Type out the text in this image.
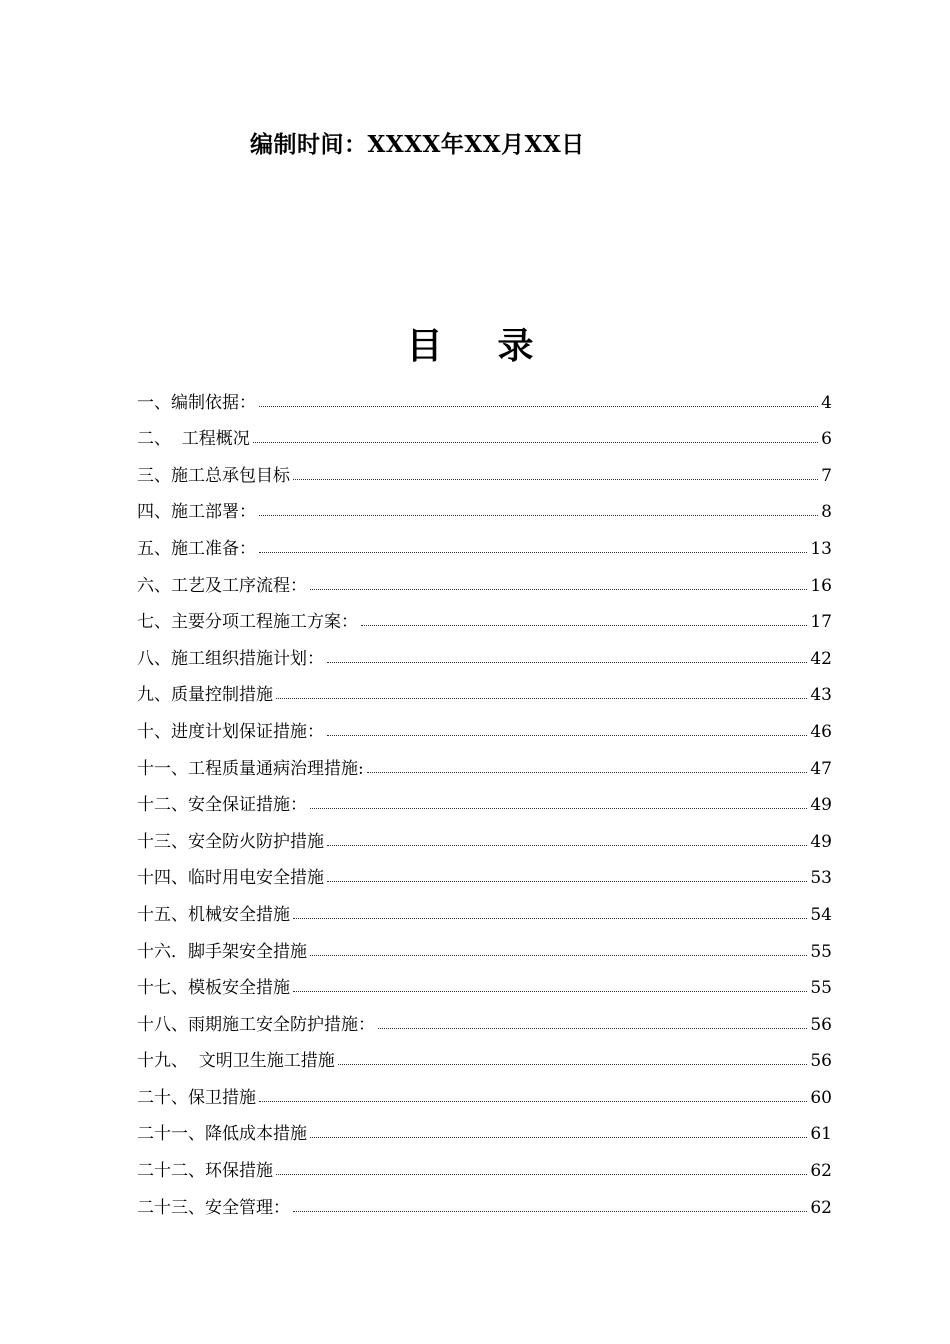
编制时间：XXXX年XX月XX日
目  录
一、编制依据：	4
二、  工程概况	6
三、施工总承包目标	7
四、施工部署：	8
五、施工准备：	13
六、工艺及工序流程：	16
七、主要分项工程施工方案：	17
八、施工组织措施计划：	42
九、质量控制措施	43
十、进度计划保证措施：	46
十一、工程质量通病治理措施:	47
十二、安全保证措施：	49
十三、安全防火防护措施	49
十四、临时用电安全措施	53
十五、机械安全措施	54
十六．脚手架安全措施	55
十七、模板安全措施	55
十八、雨期施工安全防护措施：	56
十九、  文明卫生施工措施	56
二十、保卫措施	60
二十一、降低成本措施	61
二十二、环保措施	62
二十三、安全管理：	62
